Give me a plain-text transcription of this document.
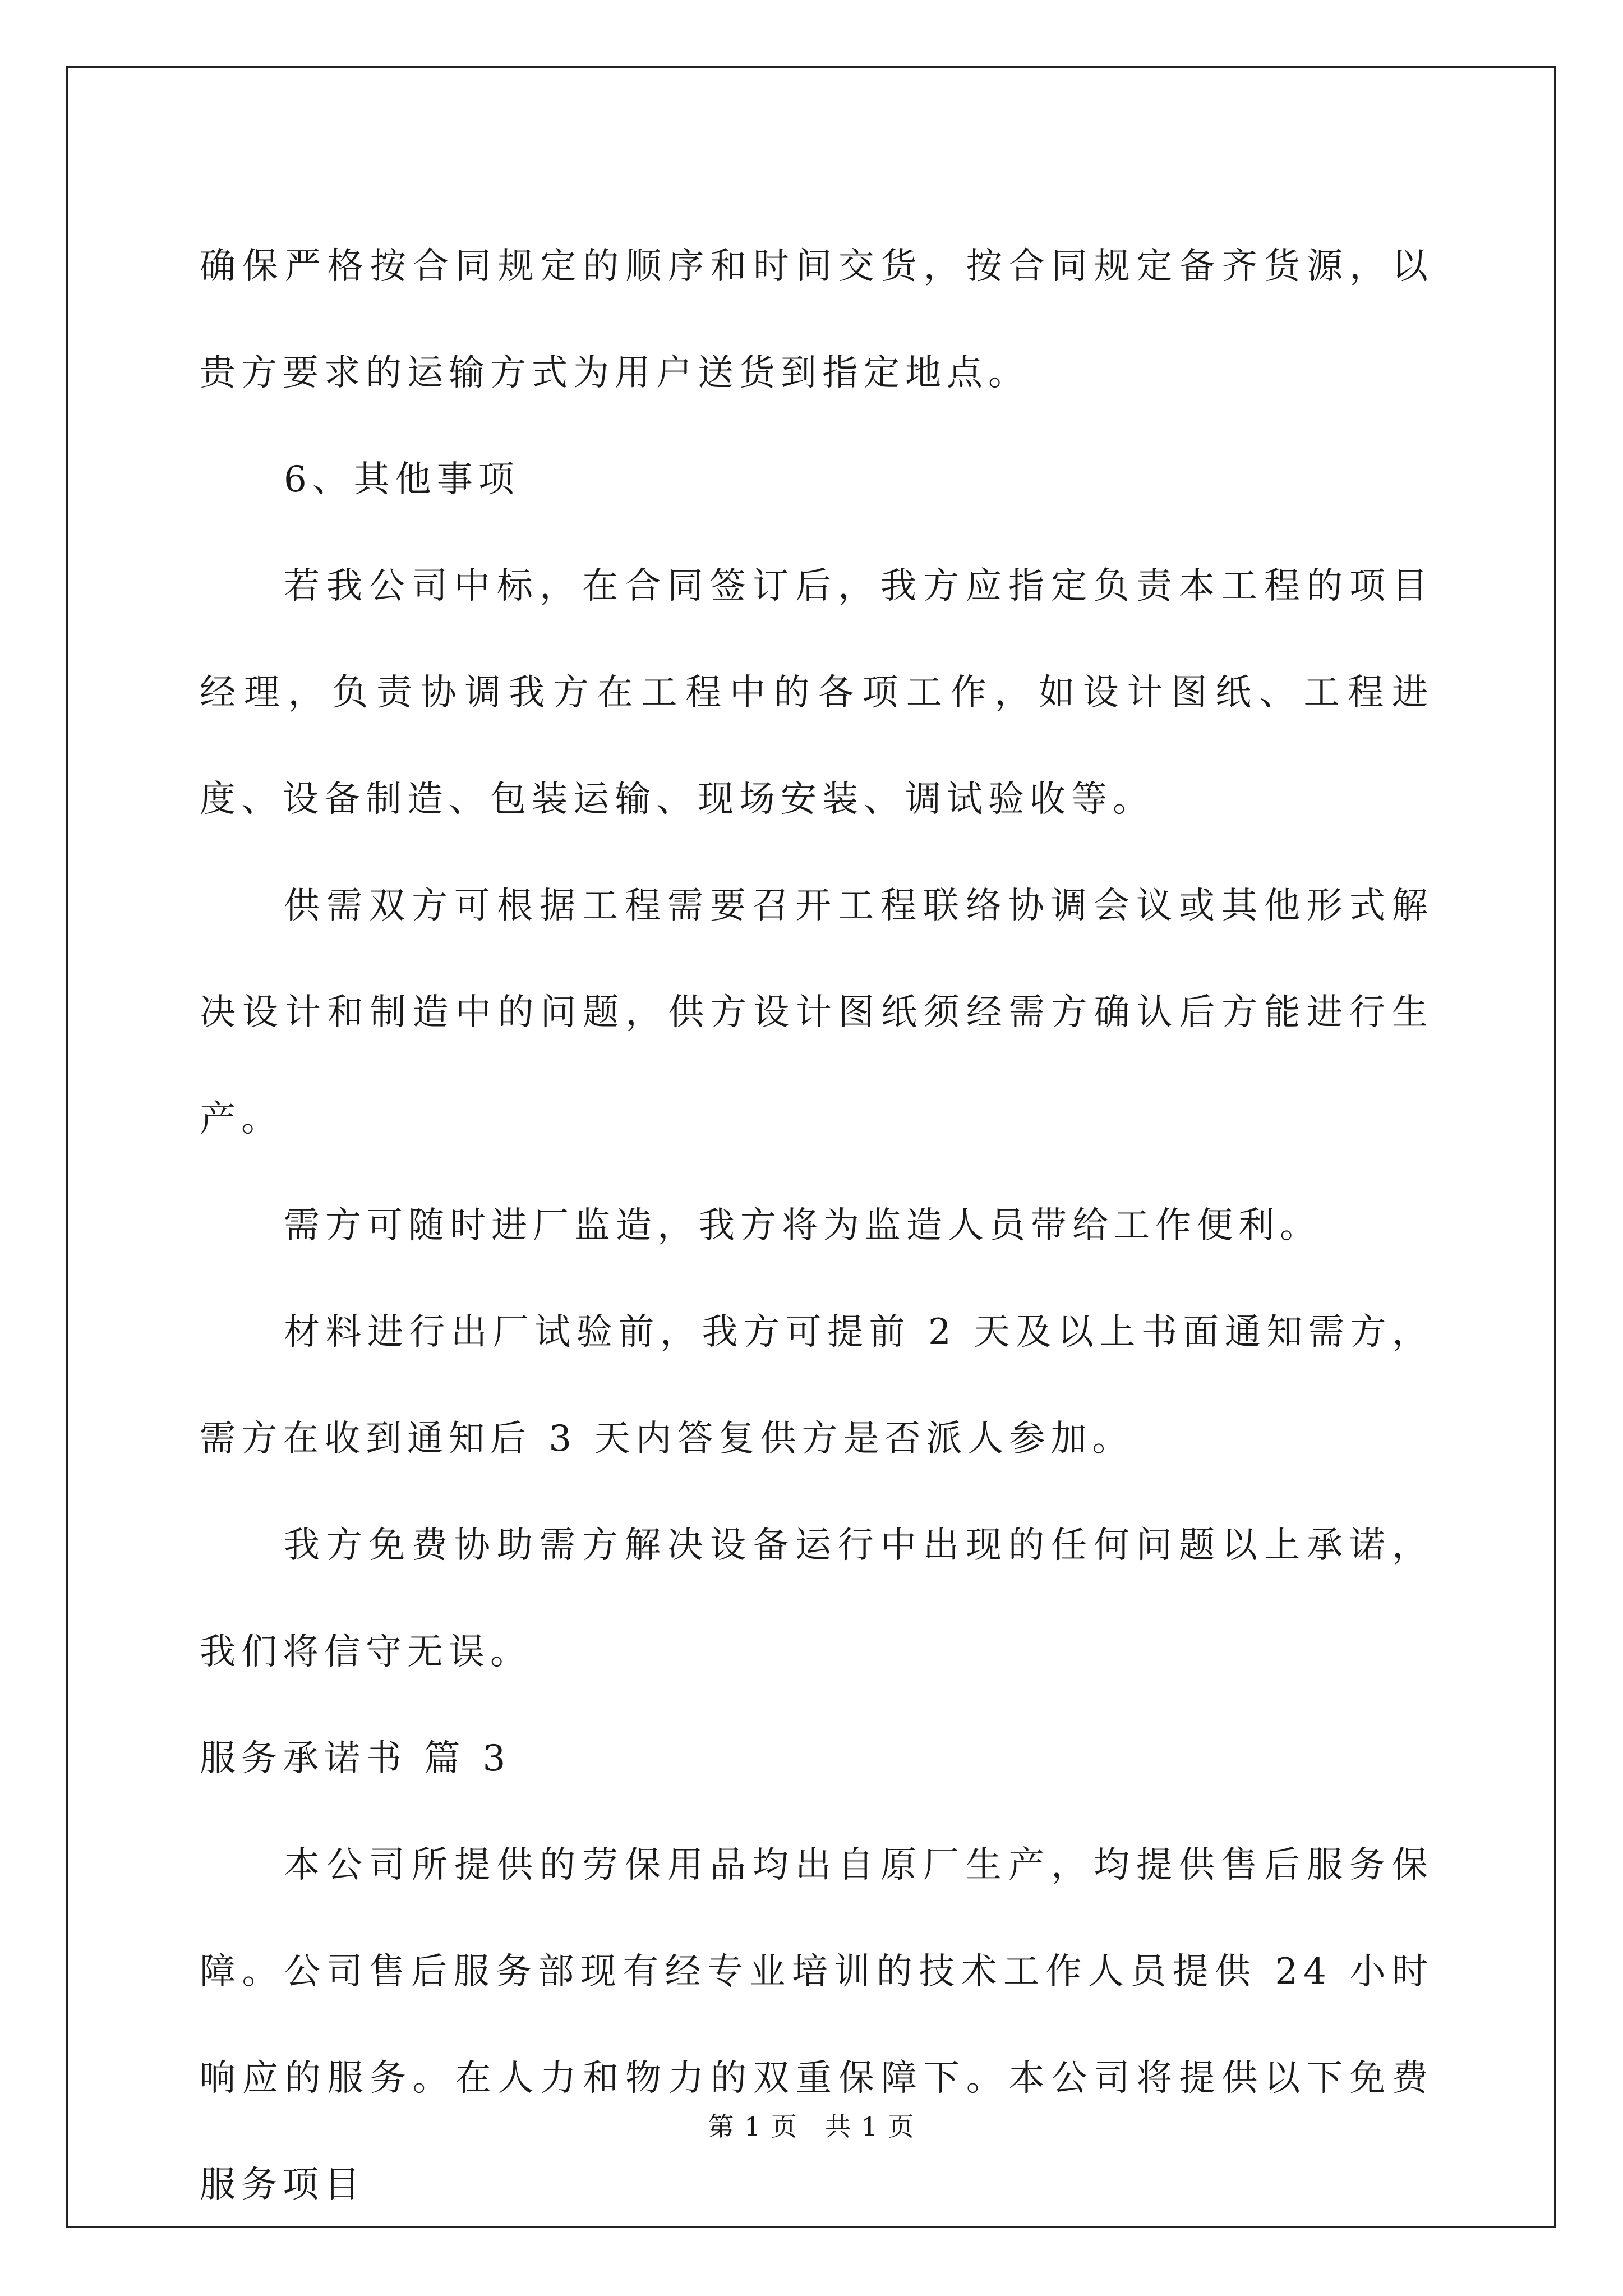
确保严格按合同规定的顺序和时间交货，按合同规定备齐货源，以贵方要求的运输方式为用户送货到指定地点。

6、其他事项

若我公司中标，在合同签订后，我方应指定负责本工程的项目经理，负责协调我方在工程中的各项工作，如设计图纸、工程进度、设备制造、包装运输、现场安装、调试验收等。

供需双方可根据工程需要召开工程联络协调会议或其他形式解决设计和制造中的问题，供方设计图纸须经需方确认后方能进行生产。

需方可随时进厂监造，我方将为监造人员带给工作便利。

材料进行出厂试验前，我方可提前 2 天及以上书面通知需方，需方在收到通知后 3 天内答复供方是否派人参加。

我方免费协助需方解决设备运行中出现的任何问题以上承诺，我们将信守无误。

服务承诺书 篇 3

本公司所提供的劳保用品均出自原厂生产，均提供售后服务保障。公司售后服务部现有经专业培训的技术工作人员提供 24 小时响应的服务。在人力和物力的双重保障下。本公司将提供以下免费服务项目

第 1 页　共 1 页
